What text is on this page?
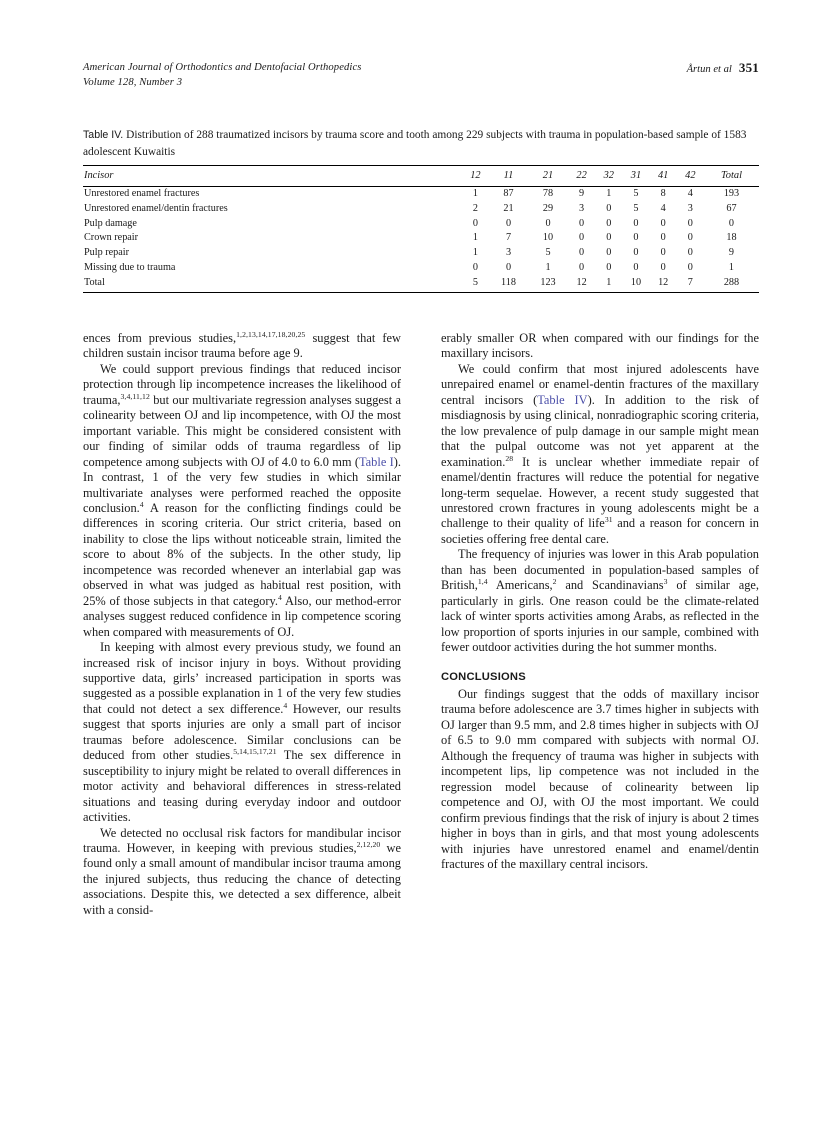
American Journal of Orthodontics and Dentofacial Orthopedics
Volume 128, Number 3
Årtun et al 351
Table IV. Distribution of 288 traumatized incisors by trauma score and tooth among 229 subjects with trauma in population-based sample of 1583 adolescent Kuwaitis
Incisor	12	11	21	22	32	31	41	42	Total
Unrestored enamel fractures	1	87	78	9	1	5	8	4	193
Unrestored enamel/dentin fractures	2	21	29	3	0	5	4	3	67
Pulp damage	0	0	0	0	0	0	0	0	0
Crown repair	1	7	10	0	0	0	0	0	18
Pulp repair	1	3	5	0	0	0	0	0	9
Missing due to trauma	0	0	1	0	0	0	0	0	1
Total	5	118	123	12	1	10	12	7	288

ences from previous studies,$^{1,2,13,14,17,18,20,25}$ suggest that few children sustain incisor trauma before age 9.

We could support previous findings that reduced incisor protection through lip incompetence increases the likelihood of trauma,$^{3,4,11,12}$ but our multivariate regression analyses suggest a colinearity between OJ and lip incompetence, with OJ the most important variable. This might be considered consistent with our finding of similar odds of trauma regardless of lip competence among subjects with OJ of 4.0 to 6.0 mm (Table I). In contrast, 1 of the very few studies in which similar multivariate analyses were performed reached the opposite conclusion.$^4$ A reason for the conflicting findings could be differences in scoring criteria. Our strict criteria, based on inability to close the lips without noticeable strain, limited the score to about 8% of the subjects. In the other study, lip incompetence was recorded whenever an interlabial gap was observed in what was judged as habitual rest position, with 25% of those subjects in that category.$^4$ Also, our method-error analyses suggest reduced confidence in lip competence scoring when compared with measurements of OJ.

In keeping with almost every previous study, we found an increased risk of incisor injury in boys. Without providing supportive data, girls’ increased participation in sports was suggested as a possible explanation in 1 of the very few studies that could not detect a sex difference.$^4$ However, our results suggest that sports injuries are only a small part of incisor traumas before adolescence. Similar conclusions can be deduced from other studies.$^{5,14,15,17,21}$ The sex difference in susceptibility to injury might be related to overall differences in motor activity and behavioral differences in stress-related situations and teasing during everyday indoor and outdoor activities.

We detected no occlusal risk factors for mandibular incisor trauma. However, in keeping with previous studies,$^{2,12,20}$ we found only a small amount of mandibular incisor trauma among the injured subjects, thus reducing the chance of detecting associations. Despite this, we detected a sex difference, albeit with a consid-

erably smaller OR when compared with our findings for the maxillary incisors.

We could confirm that most injured adolescents have unrepaired enamel or enamel-dentin fractures of the maxillary central incisors (Table IV). In addition to the risk of misdiagnosis by using clinical, nonradiographic scoring criteria, the low prevalence of pulp damage in our sample might mean that the pulpal outcome was not yet apparent at the examination.$^{28}$ It is unclear whether immediate repair of enamel/dentin fractures will reduce the potential for negative long-term sequelae. However, a recent study suggested that unrestored crown fractures in young adolescents might be a challenge to their quality of life$^{31}$ and a reason for concern in societies offering free dental care.

The frequency of injuries was lower in this Arab population than has been documented in population-based samples of British,$^{1,4}$ Americans,$^2$ and Scandinavians$^3$ of similar age, particularly in girls. One reason could be the climate-related lack of winter sports activities among Arabs, as reflected in the low proportion of sports injuries in our sample, combined with fewer outdoor activities during the hot summer months.

CONCLUSIONS

Our findings suggest that the odds of maxillary incisor trauma before adolescence are 3.7 times higher in subjects with OJ larger than 9.5 mm, and 2.8 times higher in subjects with OJ of 6.5 to 9.0 mm compared with subjects with normal OJ. Although the frequency of trauma was higher in subjects with incompetent lips, lip competence was not included in the regression model because of colinearity between lip competence and OJ, with OJ the most important. We could confirm previous findings that the risk of injury is about 2 times higher in boys than in girls, and that most young adolescents with injuries have unrestored enamel and enamel/dentin fractures of the maxillary central incisors.
